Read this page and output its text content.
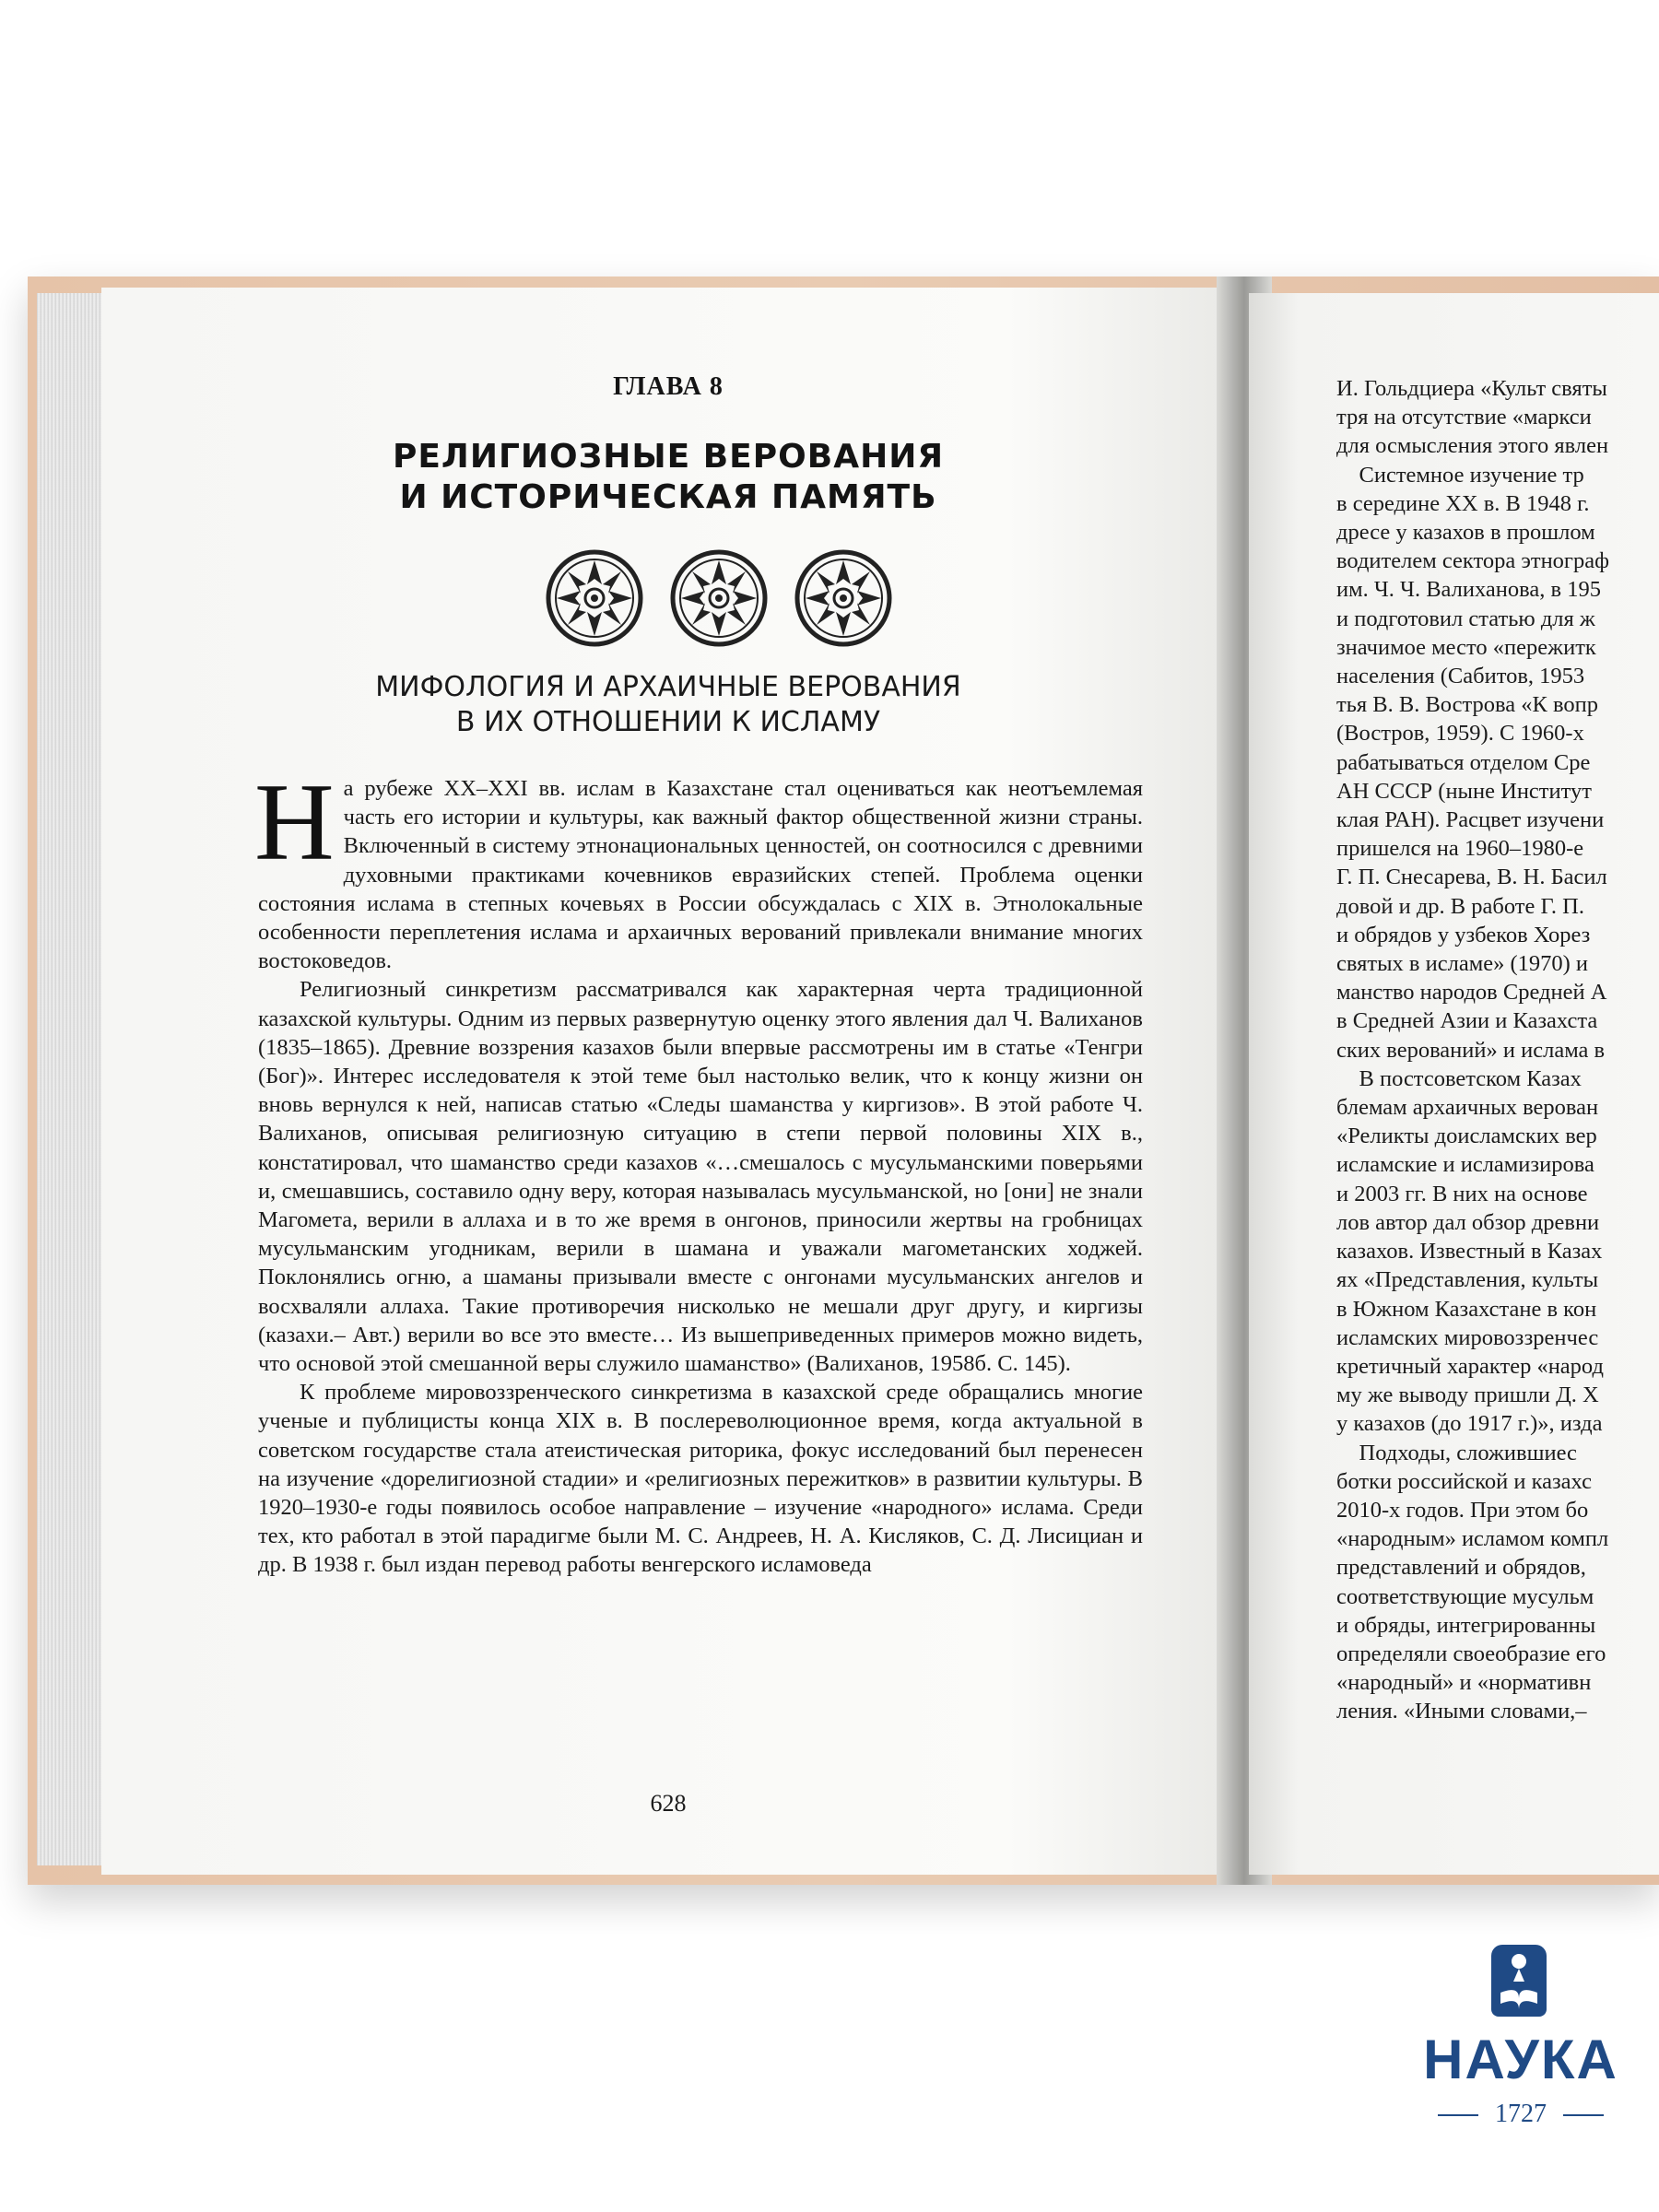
ГЛАВА 8
РЕЛИГИОЗНЫЕ ВЕРОВАНИЯ
И ИСТОРИЧЕСКАЯ ПАМЯТЬ
МИФОЛОГИЯ И АРХАИЧНЫЕ ВЕРОВАНИЯ
В ИХ ОТНОШЕНИИ К ИСЛАМУ

На рубеже XX–XXI вв. ислам в Казахстане стал оцениваться как неотъемлемая часть его истории и культуры, как важный фактор общественной жизни страны. Включенный в систему этнонациональных ценностей, он соотносился с древними духовными практиками кочевников евразийских степей. Проблема оценки состояния ислама в степных кочевьях в России обсуждалась с XIX в. Этнолокальные особенности переплетения ислама и архаичных верований привлекали внимание многих востоковедов.

Религиозный синкретизм рассматривался как характерная черта традиционной казахской культуры. Одним из первых развернутую оценку этого явления дал Ч. Валиханов (1835–1865). Древние воззрения казахов были впервые рассмотрены им в статье «Тенгри (Бог)». Интерес исследователя к этой теме был настолько велик, что к концу жизни он вновь вернулся к ней, написав статью «Следы шаманства у киргизов». В этой работе Ч. Валиханов, описывая религиозную ситуацию в степи первой половины XIX в., констатировал, что шаманство среди казахов «…смешалось с мусульманскими поверьями и, смешавшись, составило одну веру, которая называлась мусульманской, но [они] не знали Магомета, верили в аллаха и в то же время в онгонов, приносили жертвы на гробницах мусульманским угодникам, верили в шамана и уважали магометанских ходжей. Поклонялись огню, а шаманы призывали вместе с онгонами мусульманских ангелов и восхваляли аллаха. Такие противоречия нисколько не мешали друг другу, и киргизы (казахи.– Авт.) верили во все это вместе… Из вышеприведенных примеров можно видеть, что основой этой смешанной веры служило шаманство» (Валиханов, 1958б. С. 145).

К проблеме мировоззренческого синкретизма в казахской среде обращались многие ученые и публицисты конца XIX в. В послереволюционное время, когда актуальной в советском государстве стала атеистическая риторика, фокус исследований был перенесен на изучение «дорелигиозной стадии» и «религиозных пережитков» в развитии культуры. В 1920–1930-е годы появилось особое направление – изучение «народного» ислама. Среди тех, кто работал в этой парадигме были М. С. Андреев, Н. А. Кисляков, С. Д. Лисициан и др. В 1938 г. был издан перевод работы венгерского исламоведа

628
И. Гольдциера «Культ святы
тря на отсутствие «маркси
для осмысления этого явлен
Системное изучение тр
в середине XX в. В 1948 г.
дресе у казахов в прошлом
водителем сектора этнограф
им. Ч. Ч. Валиханова, в 195
и подготовил статью для ж
значимое место «пережитк
населения (Сабитов, 1953
тья В. В. Вострова «К вопр
(Востров, 1959). С 1960-х
рабатываться отделом Сре
АН СССР (ныне Институт
клая РАН). Расцвет изучени
пришелся на 1960–1980-е
Г. П. Снесарева, В. Н. Басил
довой и др. В работе Г. П.
и обрядов у узбеков Хорез
святых в исламе» (1970) и
манство народов Средней А
в Средней Азии и Казахста
ских верований» и ислама в
В постсоветском Казах
блемам архаичных верован
«Реликты доисламских вер
исламские и исламизирова
и 2003 гг. В них на основе
лов автор дал обзор древни
казахов. Известный в Казах
ях «Представления, культы
в Южном Казахстане в кон
исламских мировоззренчес
кретичный характер «народ
му же выводу пришли Д. Х
у казахов (до 1917 г.)», изда
Подходы, сложившиес
ботки российской и казахс
2010-х годов. При этом бо
«народным» исламом компл
представлений и обрядов,
соответствующие мусульм
и обряды, интегрированны
определяли своеобразие его
«народный» и «нормативн
ления. «Иными словами,–
НАУКА
1727
